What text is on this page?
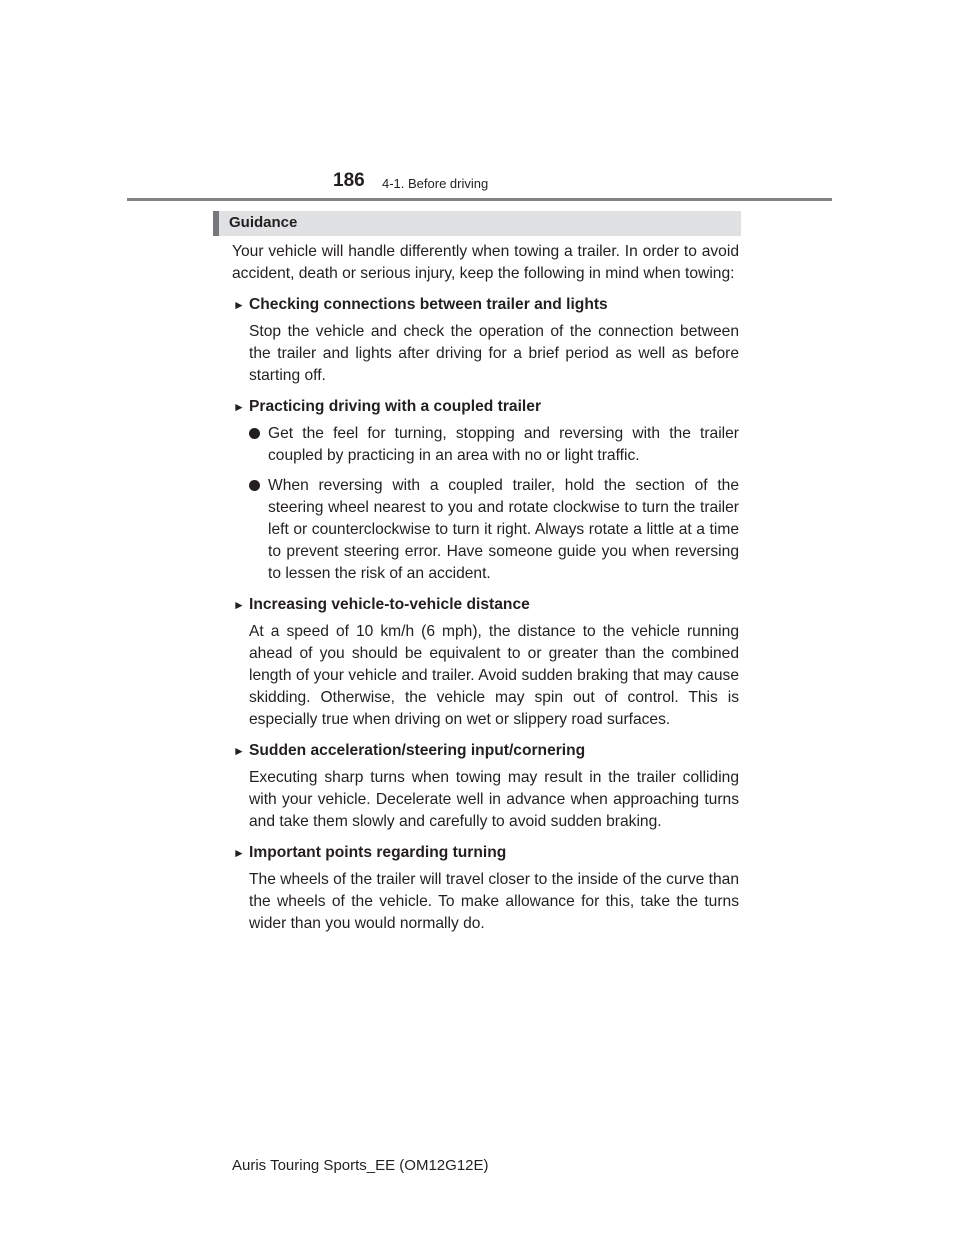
186 4-1. Before driving
Guidance

Your vehicle will handle differently when towing a trailer. In order to avoid accident, death or serious injury, keep the following in mind when towing:

► Checking connections between trailer and lights

Stop the vehicle and check the operation of the connection between the trailer and lights after driving for a brief period as well as before starting off.

► Practicing driving with a coupled trailer

Get the feel for turning, stopping and reversing with the trailer coupled by practicing in an area with no or light traffic.

When reversing with a coupled trailer, hold the section of the steering wheel nearest to you and rotate clockwise to turn the trailer left or counterclockwise to turn it right. Always rotate a little at a time to prevent steering error. Have someone guide you when reversing to lessen the risk of an accident.

► Increasing vehicle-to-vehicle distance

At a speed of 10 km/h (6 mph), the distance to the vehicle running ahead of you should be equivalent to or greater than the combined length of your vehicle and trailer. Avoid sudden braking that may cause skidding. Otherwise, the vehicle may spin out of control. This is especially true when driving on wet or slippery road surfaces.

► Sudden acceleration/steering input/cornering

Executing sharp turns when towing may result in the trailer colliding with your vehicle. Decelerate well in advance when approaching turns and take them slowly and carefully to avoid sudden braking.

► Important points regarding turning

The wheels of the trailer will travel closer to the inside of the curve than the wheels of the vehicle. To make allowance for this, take the turns wider than you would normally do.

Auris Touring Sports_EE (OM12G12E)
